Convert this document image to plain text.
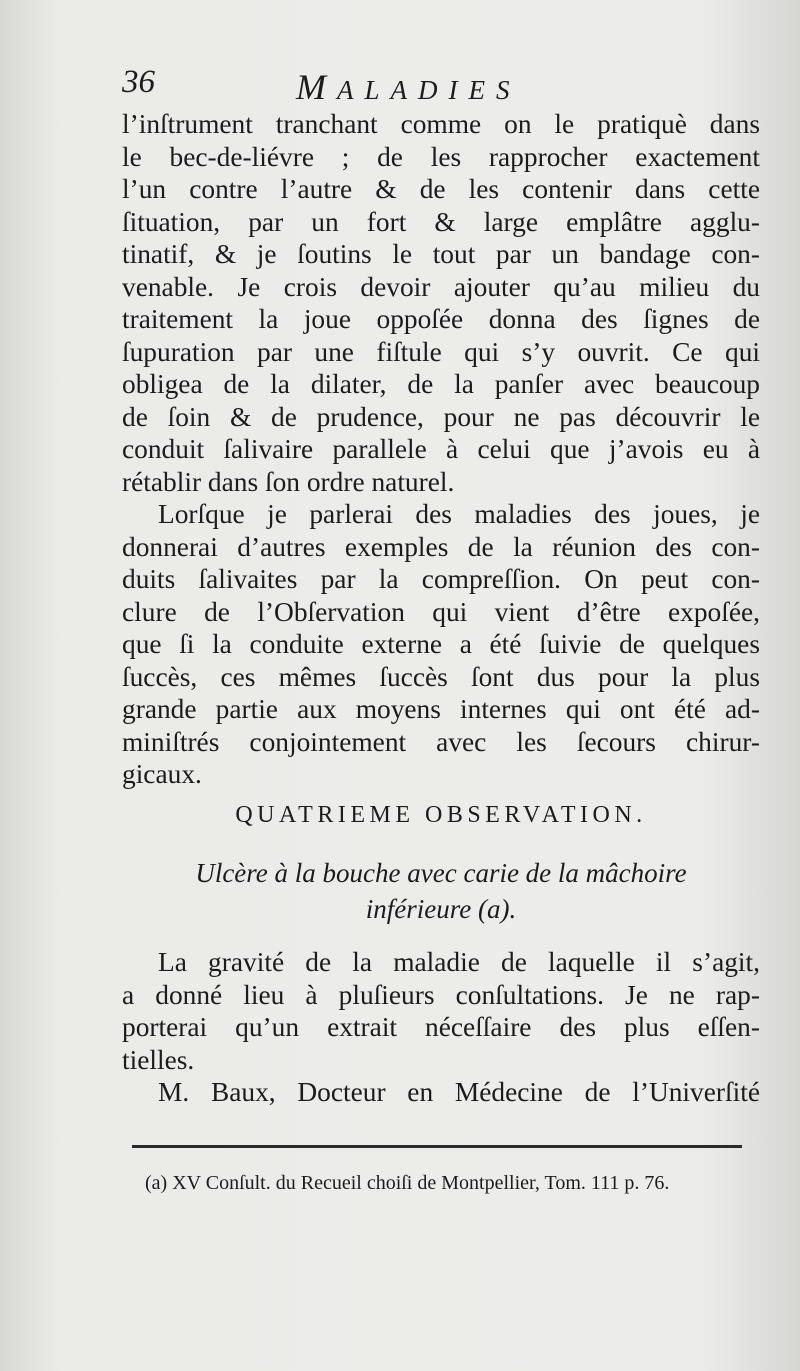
36	MALADIES

l’inſtrument tranchant comme on le pratiquè dans
le bec-de-liévre ; de les rapprocher exactement
l’un contre l’autre & de les contenir dans cette
ſituation, par un fort & large emplâtre agglu-
tinatif, & je ſoutins le tout par un bandage con-
venable. Je crois devoir ajouter qu’au milieu du
traitement la joue oppoſée donna des ſignes de
ſupuration par une fiſtule qui s’y ouvrit. Ce qui
obligea de la dilater, de la panſer avec beaucoup
de ſoin & de prudence, pour ne pas découvrir le
conduit ſalivaire parallele à celui que j’avois eu à
rétablir dans ſon ordre naturel.

Lorſque je parlerai des maladies des joues, je
donnerai d’autres exemples de la réunion des con-
duits ſalivaites par la compreſſion. On peut con-
clure de l’Obſervation qui vient d’être expoſée,
que ſi la conduite externe a été ſuivie de quelques
ſuccès, ces mêmes ſuccès ſont dus pour la plus
grande partie aux moyens internes qui ont été ad-
miniſtrés conjointement avec les ſecours chirur-
gicaux.

QUATRIEME OBSERVATION.
Ulcère à la bouche avec carie de la mâchoire
inférieure (a).

La gravité de la maladie de laquelle il s’agit,
a donné lieu à pluſieurs conſultations. Je ne rap-
porterai qu’un extrait néceſſaire des plus eſſen-
tielles.

M. Baux, Docteur en Médecine de l’Univerſité

(a) XV Conſult. du Recueil choiſi de Montpellier, Tom. 111 p. 76.
